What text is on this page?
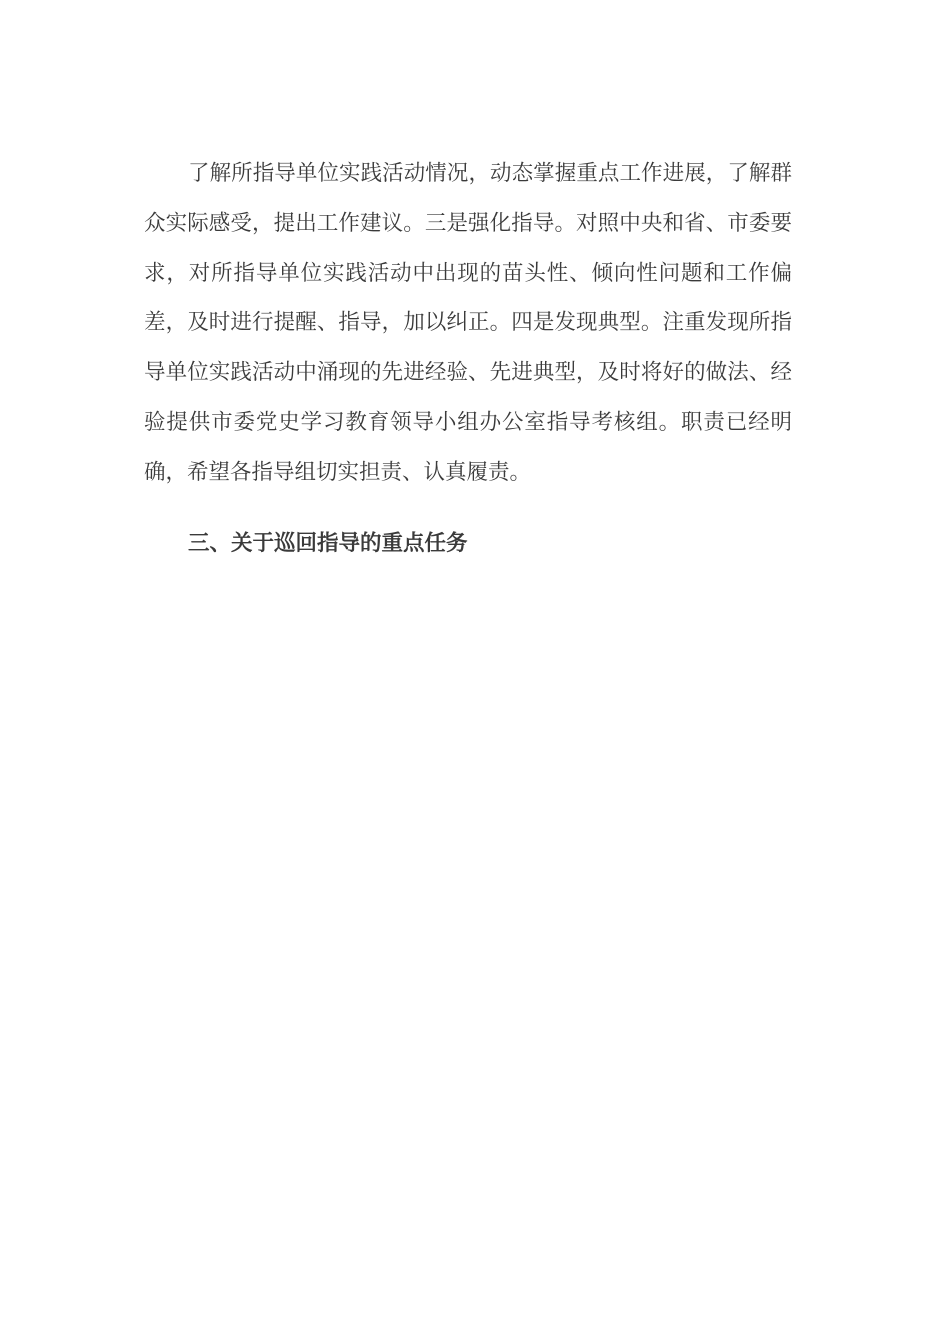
了解所指导单位实践活动情况，动态掌握重点工作进展，了解群众实际感受，提出工作建议。三是强化指导。对照中央和省、市委要求，对所指导单位实践活动中出现的苗头性、倾向性问题和工作偏差，及时进行提醒、指导，加以纠正。四是发现典型。注重发现所指导单位实践活动中涌现的先进经验、先进典型，及时将好的做法、经验提供市委党史学习教育领导小组办公室指导考核组。职责已经明确，希望各指导组切实担责、认真履责。

三、关于巡回指导的重点任务
